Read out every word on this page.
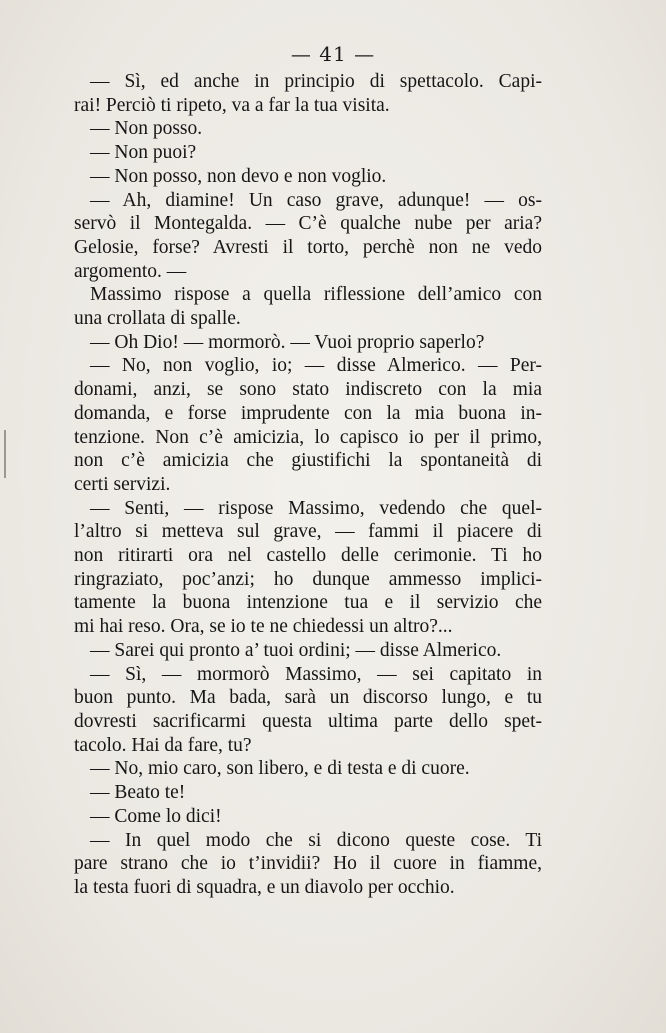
— 41 —
— Sì, ed anche in principio di spettacolo. Capi-
rai! Perciò ti ripeto, va a far la tua visita.
— Non posso.
— Non puoi?
— Non posso, non devo e non voglio.
— Ah, diamine! Un caso grave, adunque! — os-
servò il Montegalda. — C’è qualche nube per aria?
Gelosie, forse? Avresti il torto, perchè non ne vedo
argomento. —
Massimo rispose a quella riflessione dell’amico con
una crollata di spalle.
— Oh Dio! — mormorò. — Vuoi proprio saperlo?
— No, non voglio, io; — disse Almerico. — Per-
donami, anzi, se sono stato indiscreto con la mia
domanda, e forse imprudente con la mia buona in-
tenzione. Non c’è amicizia, lo capisco io per il primo,
non c’è amicizia che giustifichi la spontaneità di
certi servizi.
— Senti, — rispose Massimo, vedendo che quel-
l’altro si metteva sul grave, — fammi il piacere di
non ritirarti ora nel castello delle cerimonie. Ti ho
ringraziato, poc’anzi; ho dunque ammesso implici-
tamente la buona intenzione tua e il servizio che
mi hai reso. Ora, se io te ne chiedessi un altro?...
— Sarei qui pronto a’ tuoi ordini; — disse Almerico.
— Sì, — mormorò Massimo, — sei capitato in
buon punto. Ma bada, sarà un discorso lungo, e tu
dovresti sacrificarmi questa ultima parte dello spet-
tacolo. Hai da fare, tu?
— No, mio caro, son libero, e di testa e di cuore.
— Beato te!
— Come lo dici!
— In quel modo che si dicono queste cose. Ti
pare strano che io t’invidii? Ho il cuore in fiamme,
la testa fuori di squadra, e un diavolo per occhio.
